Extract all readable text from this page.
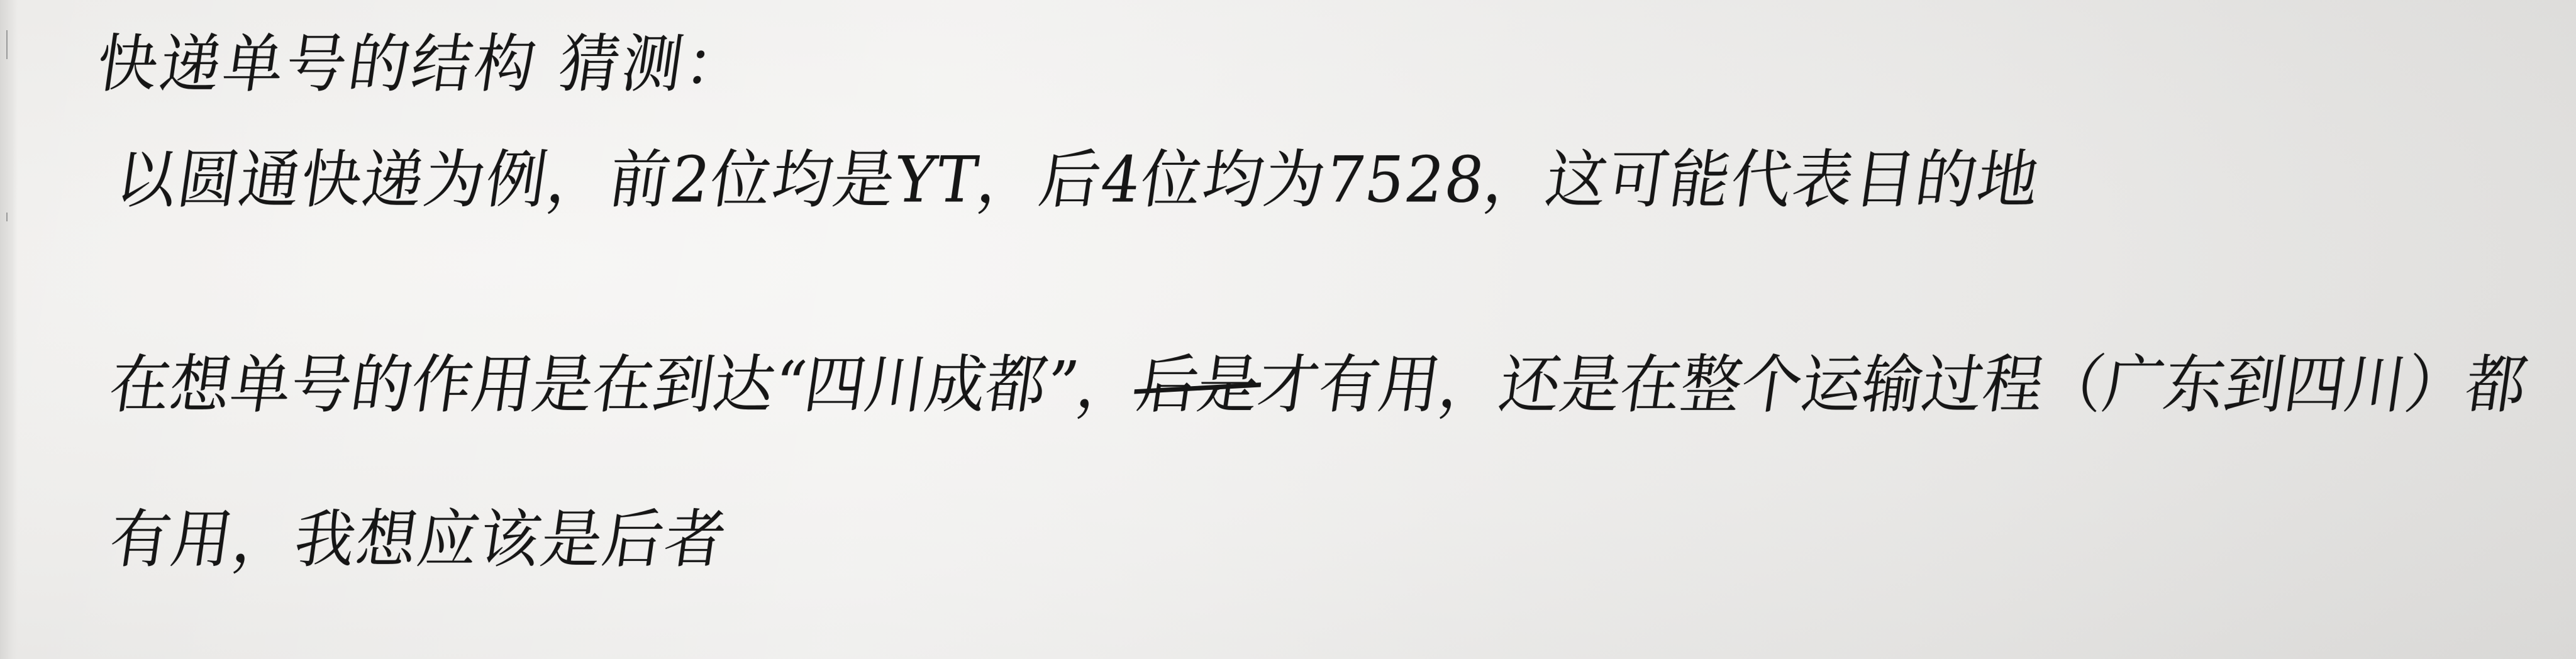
快递单号的结构 猜测：

以圆通快递为例，前2位均是YT，后4位均为7528，这可能代表目的地

在想单号的作用是在到达“四川成都”，后是
才有用，还是在整个运输过程（广东到四川）都

有用，我想应该是后者
